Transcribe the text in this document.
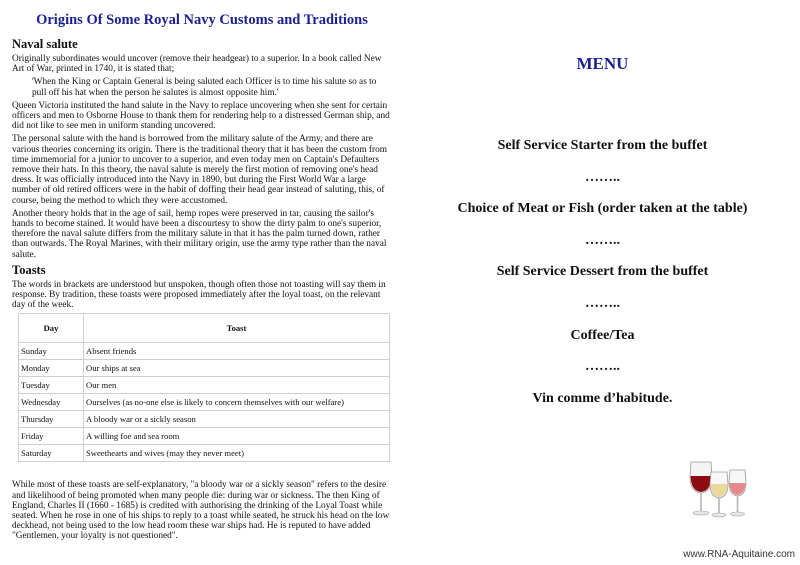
Origins Of Some Royal Navy Customs and Traditions
Naval salute
Originally subordinates would uncover (remove their headgear) to a superior. In a book called New Art of War, printed in 1740, it is stated that;
'When the King or Captain General is being saluted each Officer is to time his salute so as to pull off his hat when the person he salutes is almost opposite him.'
Queen Victoria instituted the hand salute in the Navy to replace uncovering when she sent for certain officers and men to Osborne House to thank them for rendering help to a distressed German ship, and did not like to see men in uniform standing uncovered.
The personal salute with the hand is borrowed from the military salute of the Army, and there are various theories concerning its origin. There is the traditional theory that it has been the custom from time immemorial for a junior to uncover to a superior, and even today men on Captain's Defaulters remove their hats. In this theory, the naval salute is merely the first motion of removing one's head dress. It was officially introduced into the Navy in 1890, but during the First World War a large number of old retired officers were in the habit of doffing their head gear instead of saluting, this, of course, being the method to which they were accustomed.
Another theory holds that in the age of sail, hemp ropes were preserved in tar, causing the sailor's hands to become stained. It would have been a discourtesy to show the dirty palm to one's superior, therefore the naval salute differs from the military salute in that it has the palm turned down, rather than outwards. The Royal Marines, with their military origin, use the army type rather than the naval salute.
Toasts
The words in brackets are understood but unspoken, though often those not toasting will say them in response. By tradition, these toasts were proposed immediately after the loyal toast, on the relevant day of the week.
Day	Toast
Sunday	Absent friends
Monday	Our ships at sea
Tuesday	Our men
Wednesday	Ourselves (as no-one else is likely to concern themselves with our welfare)
Thursday	A bloody war or a sickly season
Friday	A willing foe and sea room
Saturday	Sweethearts and wives (may they never meet)
While most of these toasts are self-explanatory, "a bloody war or a sickly season" refers to the desire and likelihood of being promoted when many people die: during war or sickness. The then King of England, Charles II (1660 - 1685) is credited with authorising the drinking of the Loyal Toast while seated. When he rose in one of his ships to reply to a toast while seated, he struck his head on the low deckhead, not being used to the low head room these war ships had. He is reputed to have added "Gentlemen, your loyalty is not questioned".
MENU
Self Service Starter from the buffet
……..
Choice of Meat or Fish (order taken at the table)
……..
Self Service Dessert from the buffet
……..
Coffee/Tea
……..
Vin comme d’habitude.
www.RNA-Aquitaine.com
